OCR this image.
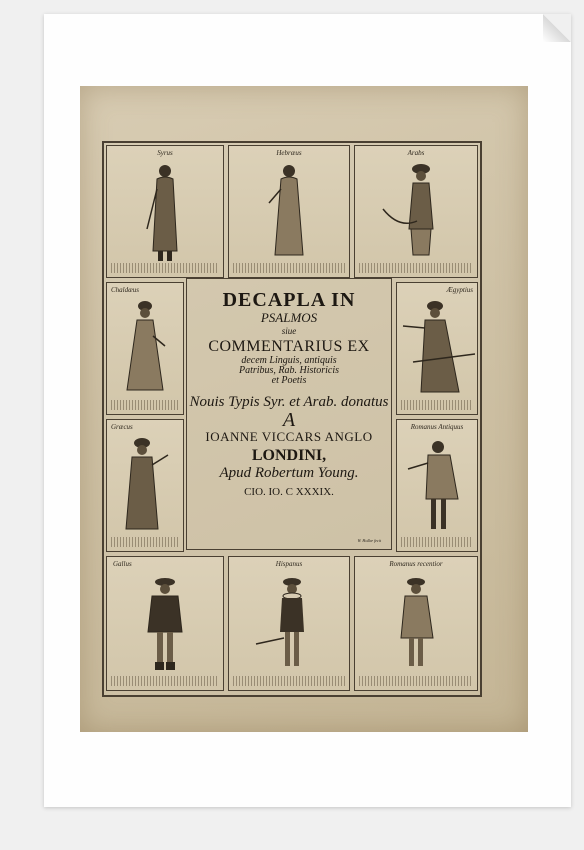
Syrus	Hebræus	Arabs
Chaldæus
Græcus
Ægyptius
Romanus Antiquus
DECAPLA IN
PSALMOS
siue
COMMENTARIUS EX
decem Linguis, antiquis
Patribus, Rab. Historicis
et Poetis
Nouis Typis Syr. et Arab. donatus
A
IOANNE VICCARS ANGLO
LONDINI,
Apud Robertum Young.
CIO. IO. C XXXIX.
W. Hollar fecit
Gallus	Hispanus	Romanus recentior
